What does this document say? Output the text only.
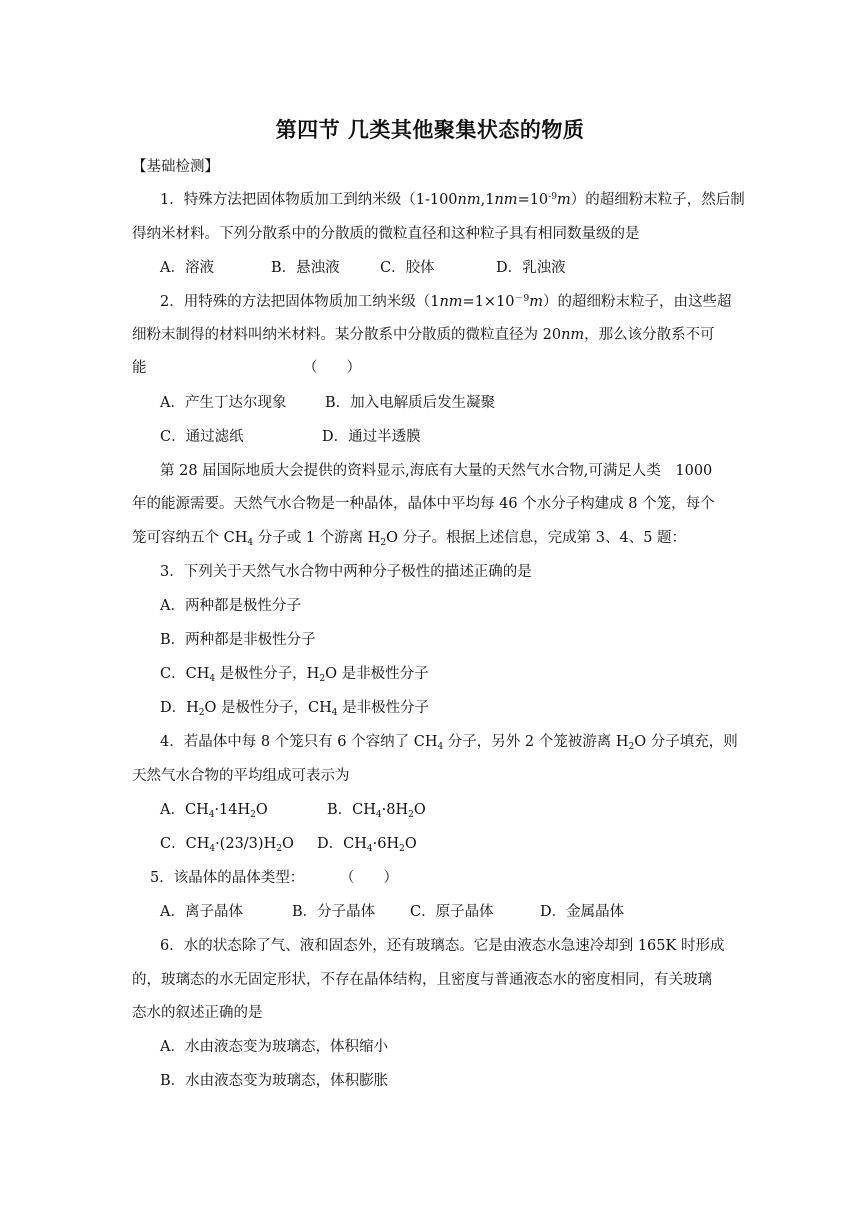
第四节 几类其他聚集状态的物质
【基础检测】
1．特殊方法把固体物质加工到纳米级$(1-100nm,1nm=10^{-9}m)$的超细粉末粒子，然后制
得纳米材料。下列分散系中的分散质的微粒直径和这种粒子具有相同数量级的是
A．溶液	B．悬浊液	C．胶体	D．乳浊液
2．用特殊的方法把固体物质加工纳米级$(1nm=1\times 10^{-9}m)$的超细粉末粒子，由这些超
细粉末制得的材料叫纳米材料。某分散系中分散质的微粒直径为 20nm，那么该分散系不可
能	（　　）
A．产生丁达尔现象	B．加入电解质后发生凝聚
C．通过滤纸	D．通过半透膜
第 28 届国际地质大会提供的资料显示,海底有大量的天然气水合物,可满足人类　1000
年的能源需要。天然气水合物是一种晶体，晶体中平均每 46 个水分子构建成 8 个笼，每个
笼可容纳五个 $CH_4$ 分子或 1 个游离 $H_2O$ 分子。根据上述信息，完成第 3、4、5 题：
3．下列关于天然气水合物中两种分子极性的描述正确的是
A．两种都是极性分子
B．两种都是非极性分子
C．$CH_4$ 是极性分子，$H_2O$ 是非极性分子
D．$H_2O$ 是极性分子，$CH_4$ 是非极性分子
4．若晶体中每 8 个笼只有 6 个容纳了 $CH_4$ 分子，另外 2 个笼被游离 $H_2O$ 分子填充，则
天然气水合物的平均组成可表示为
A．$CH_4\cdot 14H_2O$	B．$CH_4\cdot 8H_2O$
C．$CH_4\cdot(23/3)H_2O$ D．$CH_4\cdot 6H_2O$
5．该晶体的晶体类型： （　　）
A．离子晶体	B．分子晶体 C．原子晶体	D．金属晶体
6．水的状态除了气、液和固态外，还有玻璃态。它是由液态水急速冷却到 165K 时形成
的，玻璃态的水无固定形状，不存在晶体结构，且密度与普通液态水的密度相同，有关玻璃
态水的叙述正确的是
A．水由液态变为玻璃态，体积缩小
B．水由液态变为玻璃态，体积膨胀
